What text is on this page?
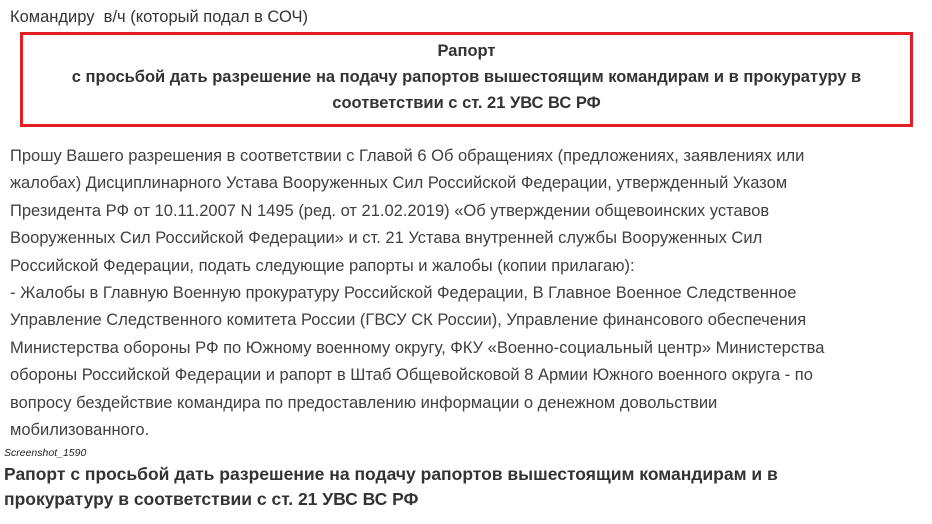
Командиру  в/ч (который подал в СОЧ)
Рапорт
с просьбой дать разрешение на подачу рапортов вышестоящим командирам и в прокуратуру в
соответствии с ст. 21 УВС ВС РФ
Прошу Вашего разрешения в соответствии с Главой 6 Об обращениях (предложениях, заявлениях или
жалобах) Дисциплинарного Устава Вооруженных Сил Российской Федерации, утвержденный Указом
Президента РФ от 10.11.2007 N 1495 (ред. от 21.02.2019) «Об утверждении общевоинских уставов
Вооруженных Сил Российской Федерации» и ст. 21 Устава внутренней службы Вооруженных Сил
Российской Федерации, подать следующие рапорты и жалобы (копии прилагаю):
- Жалобы в Главную Военную прокуратуру Российской Федерации, В Главное Военное Следственное
Управление Следственного комитета России (ГВСУ СК России), Управление финансового обеспечения
Министерства обороны РФ по Южному военному округу, ФКУ «Военно-социальный центр» Министерства
обороны Российской Федерации и рапорт в Штаб Общевойсковой 8 Армии Южного военного округа - по
вопросу бездействие командира по предоставлению информации о денежном довольствии
мобилизованного.
Screenshot_1590
Рапорт с просьбой дать разрешение на подачу рапортов вышестоящим командирам и в
прокуратуру в соответствии с ст. 21 УВС ВС РФ
